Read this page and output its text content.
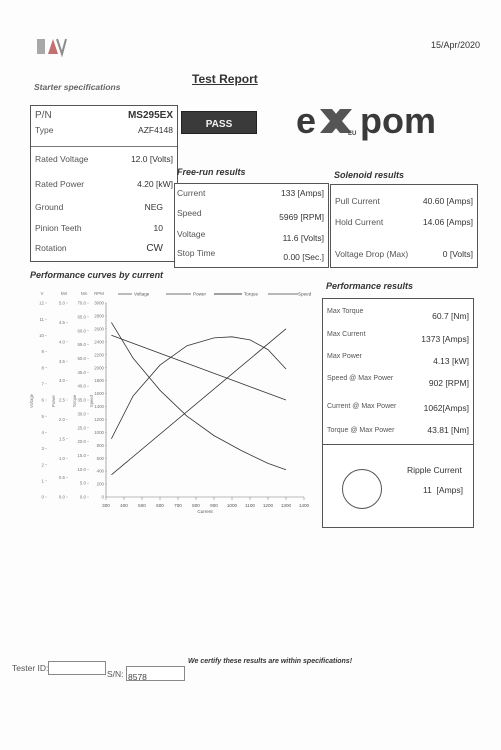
15/Apr/2020
Starter specifications
Test Report
PASS	e pom
EU
P/N	MS295EX
Type	AZF4148
Rated Voltage	12.0 [Volts]
Rated Power	4.20 [kW]
Ground	NEG
Pinion Teeth	10
Rotation	CW
Free-run results
Current	133 [Amps]
Speed	5969 [RPM]
Voltage	11.6 [Volts]
Stop Time	0.00 [Sec.]
Solenoid results
Pull Current	40.60 [Amps]
Hold Current	14.06 [Amps]
Voltage Drop (Max)	0 [Volts]
Performance curves by current
V	kW	Nm RPM
12
11
10
9
8
7
6
5
4
3
2
1
0
5.0
4.5
4.0
3.5
3.0
2.5
2.0
1.5
1.0
0.5
0.0
70.0
65.0
60.0
55.0
50.0
45.0
40.0
35.0
30.0
25.0
20.0
15.0
10.0
5.0
0.0
3000
2800
2600
2400
2200
2000
1800
1600
1400
1200
1000
800
600
400
200
0
Voltage	Power	Torque	Speed
300 400 500 600 700 800 900 1000 1100 1200 1300 1400
Current
Voltage	Power	Torque	Speed
Performance results
Max Torque	60.7 [Nm]
Max Current	1373 [Amps]
Max Power	4.13 [kW]
Speed @ Max Power	902 [RPM]
Current @ Max Power	1062[Amps]
Torque @ Max Power	43.81 [Nm]
Ripple Current
11  [Amps]
We certify these results are within specifications!
Tester ID:
S/N: 8578
